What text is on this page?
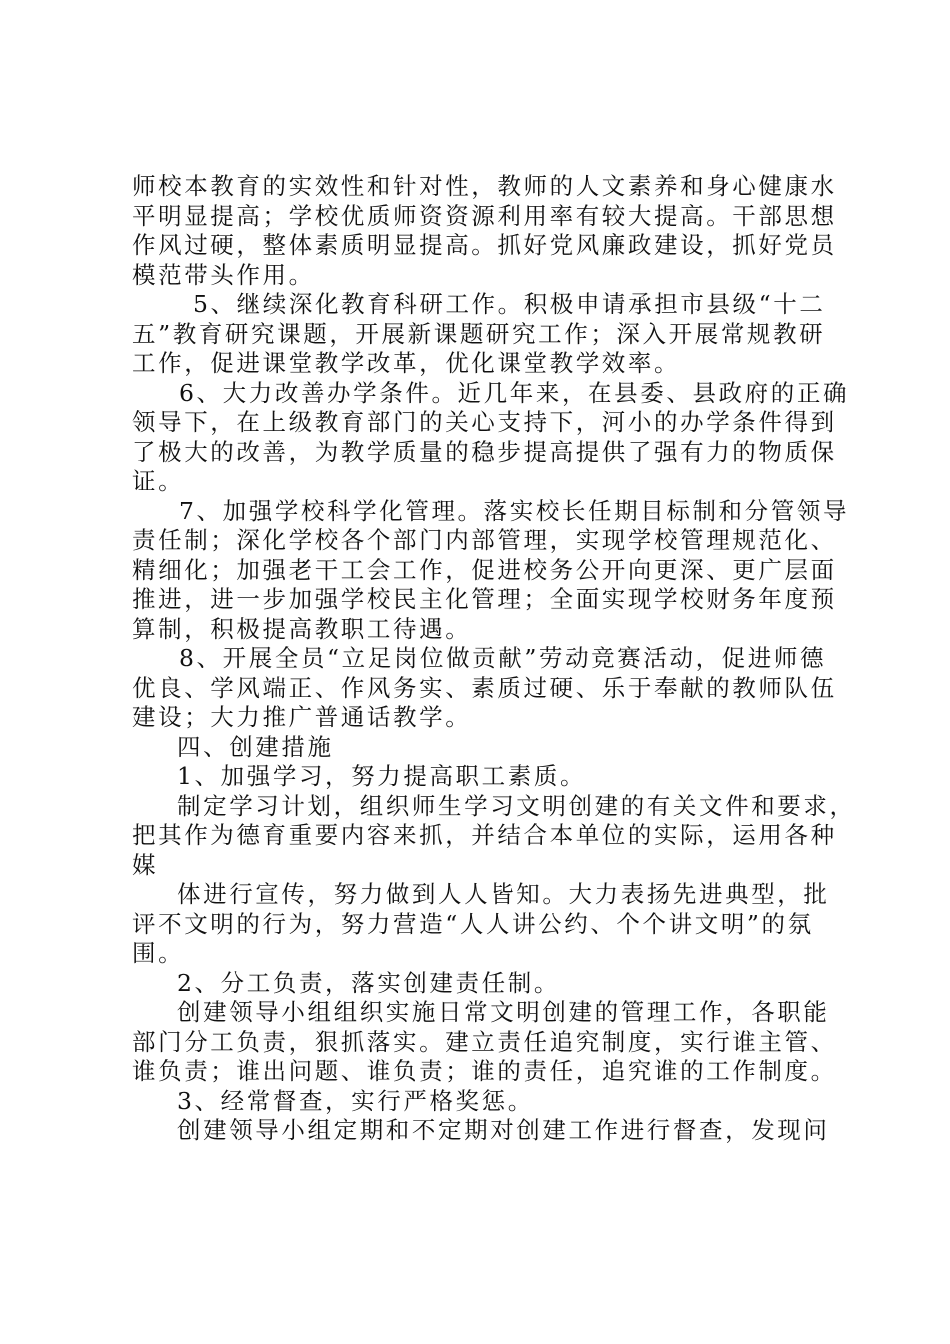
师校本教育的实效性和针对性，教师的人文素养和身心健康水
平明显提高；学校优质师资资源利用率有较大提高。干部思想
作风过硬，整体素质明显提高。抓好党风廉政建设，抓好党员
模范带头作用。
5、继续深化教育科研工作。积极申请承担市县级“十二
五”教育研究课题，开展新课题研究工作；深入开展常规教研
工作，促进课堂教学改革，优化课堂教学效率。
6、大力改善办学条件。近几年来，在县委、县政府的正确
领导下，在上级教育部门的关心支持下，河小的办学条件得到
了极大的改善，为教学质量的稳步提高提供了强有力的物质保
证。
7、加强学校科学化管理。落实校长任期目标制和分管领导
责任制；深化学校各个部门内部管理，实现学校管理规范化、
精细化；加强老干工会工作，促进校务公开向更深、更广层面
推进，进一步加强学校民主化管理；全面实现学校财务年度预
算制，积极提高教职工待遇。
8、开展全员“立足岗位做贡献”劳动竞赛活动，促进师德
优良、学风端正、作风务实、素质过硬、乐于奉献的教师队伍
建设；大力推广普通话教学。
四、创建措施
1、加强学习，努力提高职工素质。
制定学习计划，组织师生学习文明创建的有关文件和要求，
把其作为德育重要内容来抓，并结合本单位的实际，运用各种
媒
体进行宣传，努力做到人人皆知。大力表扬先进典型，批
评不文明的行为，努力营造“人人讲公约、个个讲文明”的氛
围。
2、分工负责，落实创建责任制。
创建领导小组组织实施日常文明创建的管理工作，各职能
部门分工负责，狠抓落实。建立责任追究制度，实行谁主管、
谁负责；谁出问题、谁负责；谁的责任，追究谁的工作制度。
3、经常督查，实行严格奖惩。
创建领导小组定期和不定期对创建工作进行督查，发现问
